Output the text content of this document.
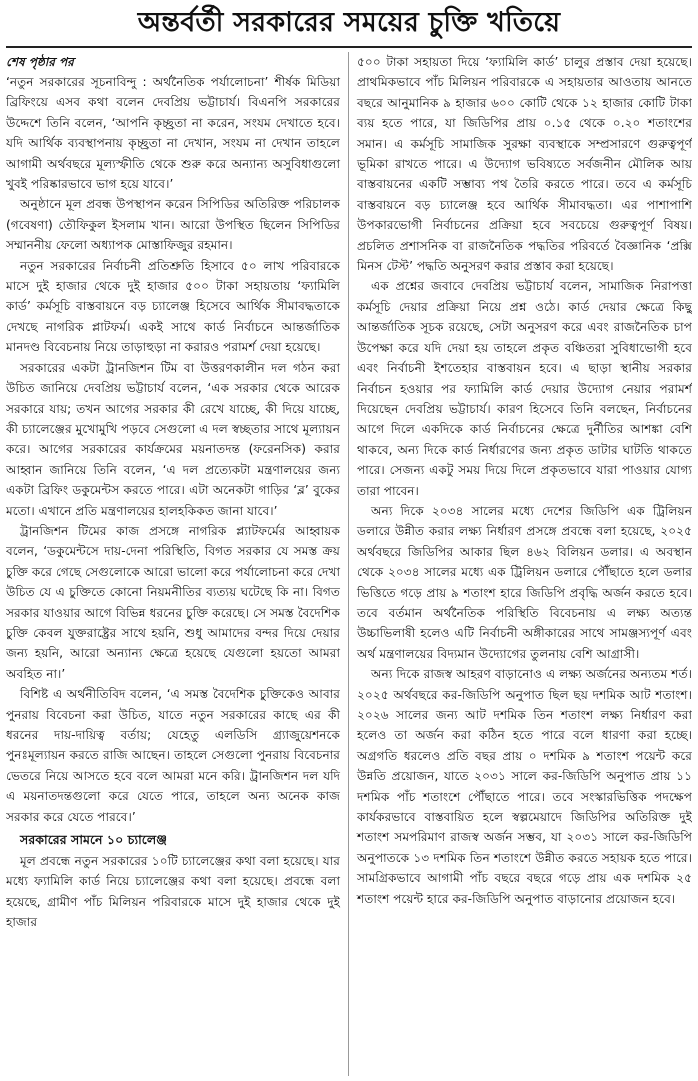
অন্তর্বর্তী সরকারের সময়ের চুক্তি খতিয়ে
শেষ পৃষ্ঠার পর

‘নতুন সরকারের সূচনাবিন্দু : অর্থনৈতিক পর্যালোচনা’ শীর্ষক মিডিয়া ব্রিফিংয়ে এসব কথা বলেন দেবপ্রিয় ভট্টাচার্য। বিএনপি সরকারের উদ্দেশে তিনি বলেন, ‘আপনি কৃচ্ছ্রতা না করেন, সংযম দেখাতে হবে। যদি আর্থিক ব্যবস্থাপনায় কৃচ্ছ্রতা না দেখান, সংযম না দেখান তাহলে আগামী অর্থবছরে মূল্যস্ফীতি থেকে শুরু করে অন্যান্য অসুবিধাগুলো খুবই পরিষ্কারভাবে ভাগ হয়ে যাবে।’

অনুষ্ঠানে মূল প্রবন্ধ উপস্থাপন করেন সিপিডির অতিরিক্ত পরিচালক (গবেষণা) তৌফিকুল ইসলাম খান। আরো উপস্থিত ছিলেন সিপিডির সম্মাননীয় ফেলো অধ্যাপক মোস্তাফিজুর রহমান।

নতুন সরকারের নির্বাচনী প্রতিশ্রুতি হিসাবে ৫০ লাখ পরিবারকে মাসে দুই হাজার থেকে দুই হাজার ৫০০ টাকা সহায়তায় ‘ফ্যামিলি কার্ড’ কর্মসূচি বাস্তবায়নে বড় চ্যালেঞ্জ হিসেবে আর্থিক সীমাবদ্ধতাকে দেখছে নাগরিক প্লাটফর্ম। একই সাথে কার্ড নির্বাচনে আন্তর্জাতিক মানদণ্ড বিবেচনায় নিয়ে তাড়াহুড়া না করারও পরামর্শ দেয়া হয়েছে।

সরকারের একটা ট্রানজিশন টিম বা উত্তরণকালীন দল গঠন করা উচিত জানিয়ে দেবপ্রিয় ভট্টাচার্য বলেন, ‘এক সরকার থেকে আরেক সরকারে যায়; তখন আগের সরকার কী রেখে যাচ্ছে, কী দিয়ে যাচ্ছে, কী চ্যালেঞ্জের মুখোমুখি পড়বে সেগুলো এ দল স্বচ্ছতার সাথে মূল্যায়ন করে। আগের সরকারের কার্যক্রমের ময়নাতদন্ত (ফরেনসিক) করার আহ্বান জানিয়ে তিনি বলেন, ‘এ দল প্রত্যেকটা মন্ত্রণালয়ের জন্য একটা ব্রিফিং ডকুমেন্টস করতে পারে। এটা অনেকটা গাড়ির ‘ব্ল’ বুকের মতো। এখানে প্রতি মন্ত্রণালয়ের হালহকিকত জানা যাবে।’

ট্রানজিশন টিমের কাজ প্রসঙ্গে নাগরিক প্ল্যাটফর্মের আহ্বায়ক বলেন, ‘ডকুমেন্টসে দায়-দেনা পরিস্থিতি, বিগত সরকার যে সমস্ত ক্রয় চুক্তি করে গেছে সেগুলোকে আরো ভালো করে পর্যালোচনা করে দেখা উচিত যে এ চুক্তিতে কোনো নিয়মনীতির ব্যত্যয় ঘটেছে কি না। বিগত সরকার যাওয়ার আগে বিভিন্ন ধরনের চুক্তি করেছে। সে সমস্ত বৈদেশিক চুক্তি কেবল যুক্তরাষ্ট্রের সাথে হয়নি, শুধু আমাদের বন্দর দিয়ে দেয়ার জন্য হয়নি, আরো অন্যান্য ক্ষেত্রে হয়েছে যেগুলো হয়তো আমরা অবহিত না।’

বিশিষ্ট এ অর্থনীতিবিদ বলেন, ‘এ সমস্ত বৈদেশিক চুক্তিকেও আবার পুনরায় বিবেচনা করা উচিত, যাতে নতুন সরকারের কাছে এর কী ধরনের দায়-দায়িত্ব বর্তায়; যেহেতু এলডিসি গ্র্যাজুয়েশনকে পুনঃমূল্যায়ন করতে রাজি আছেন। তাহলে সেগুলো পুনরায় বিবেচনার ভেতরে নিয়ে আসতে হবে বলে আমরা মনে করি। ট্রানজিশন দল যদি এ ময়নাতদন্তগুলো করে যেতে পারে, তাহলে অন্য অনেক কাজ সরকার করে যেতে পারবে।’

সরকারের সামনে ১০ চ্যালেঞ্জ

মূল প্রবন্ধে নতুন সরকারের ১০টি চ্যালেঞ্জের কথা বলা হয়েছে। যার মধ্যে ফ্যামিলি কার্ড নিয়ে চ্যালেঞ্জের কথা বলা হয়েছে। প্রবন্ধে বলা হয়েছে, গ্রামীণ পাঁচ মিলিয়ন পরিবারকে মাসে দুই হাজার থেকে দুই হাজার

৫০০ টাকা সহায়তা দিয়ে ‘ফ্যামিলি কার্ড’ চালুর প্রস্তাব দেয়া হয়েছে। প্রাথমিকভাবে পাঁচ মিলিয়ন পরিবারকে এ সহায়তার আওতায় আনতে বছরে আনুমানিক ৯ হাজার ৬০০ কোটি থেকে ১২ হাজার কোটি টাকা ব্যয় হতে পারে, যা জিডিপির প্রায় ০.১৫ থেকে ০.২০ শতাংশের সমান। এ কর্মসূচি সামাজিক সুরক্ষা ব্যবস্থাকে সম্প্রসারণে গুরুত্বপূর্ণ ভূমিকা রাখতে পারে। এ উদ্যোগ ভবিষ্যতে সর্বজনীন মৌলিক আয় বাস্তবায়নের একটি সম্ভাব্য পথ তৈরি করতে পারে। তবে এ কর্মসূচি বাস্তবায়নে বড় চ্যালেঞ্জ হবে আর্থিক সীমাবদ্ধতা। এর পাশাপাশি উপকারভোগী নির্বাচনের প্রক্রিয়া হবে সবচেয়ে গুরুত্বপূর্ণ বিষয়। প্রচলিত প্রশাসনিক বা রাজনৈতিক পদ্ধতির পরিবর্তে বৈজ্ঞানিক ‘প্রক্সি মিনস টেস্ট’ পদ্ধতি অনুসরণ করার প্রস্তাব করা হয়েছে।

এক প্রশ্নের জবাবে দেবপ্রিয় ভট্টাচার্য বলেন, সামাজিক নিরাপত্তা কর্মসূচি দেয়ার প্রক্রিয়া নিয়ে প্রশ্ন ওঠে। কার্ড দেয়ার ক্ষেত্রে কিছু আন্তর্জাতিক সূচক রয়েছে, সেটা অনুসরণ করে এবং রাজনৈতিক চাপ উপেক্ষা করে যদি দেয়া হয় তাহলে প্রকৃত বঞ্চিতরা সুবিধাভোগী হবে এবং নির্বাচনী ইশতেহার বাস্তবায়ন হবে। এ ছাড়া স্থানীয় সরকার নির্বাচন হওয়ার পর ফ্যামিলি কার্ড দেয়ার উদ্যোগ নেয়ার পরামর্শ দিয়েছেন দেবপ্রিয় ভট্টাচার্য। কারণ হিসেবে তিনি বলছেন, নির্বাচনের আগে দিলে একদিকে কার্ড নির্বাচনের ক্ষেত্রে দুর্নীতির আশঙ্কা বেশি থাকবে, অন্য দিকে কার্ড নির্ধারণের জন্য প্রকৃত ডাটার ঘাটতি থাকতে পারে। সেজন্য একটু সময় দিয়ে দিলে প্রকৃতভাবে যারা পাওয়ার যোগ্য তারা পাবেন।

অন্য দিকে ২০৩৪ সালের মধ্যে দেশের জিডিপি এক ট্রিলিয়ন ডলারে উন্নীত করার লক্ষ্য নির্ধারণ প্রসঙ্গে প্রবন্ধে বলা হয়েছে, ২০২৫ অর্থবছরে জিডিপির আকার ছিল ৪৬২ বিলিয়ন ডলার। এ অবস্থান থেকে ২০৩৪ সালের মধ্যে এক ট্রিলিয়ন ডলারে পৌঁছাতে হলে ডলার ভিত্তিতে গড়ে প্রায় ৯ শতাংশ হারে জিডিপি প্রবৃদ্ধি অর্জন করতে হবে। তবে বর্তমান অর্থনৈতিক পরিস্থিতি বিবেচনায় এ লক্ষ্য অত্যন্ত উচ্চাভিলাষী হলেও এটি নির্বাচনী অঙ্গীকারের সাথে সামঞ্জস্যপূর্ণ এবং অর্থ মন্ত্রণালয়ের বিদ্যমান উদ্যোগের তুলনায় বেশি আগ্রাসী।

অন্য দিকে রাজস্ব আহরণ বাড়ানোও এ লক্ষ্য অর্জনের অন্যতম শর্ত। ২০২৫ অর্থবছরে কর-জিডিপি অনুপাত ছিল ছয় দশমিক আট শতাংশ। ২০২৬ সালের জন্য আট দশমিক তিন শতাংশ লক্ষ্য নির্ধারণ করা হলেও তা অর্জন করা কঠিন হতে পারে বলে ধারণা করা হচ্ছে। অগ্রগতি ধরলেও প্রতি বছর প্রায় ০ দশমিক ৯ শতাংশ পয়েন্ট করে উন্নতি প্রয়োজন, যাতে ২০৩১ সালে কর-জিডিপি অনুপাত প্রায় ১১ দশমিক পাঁচ শতাংশে পৌঁছাতে পারে। তবে সংস্কারভিত্তিক পদক্ষেপ কার্যকরভাবে বাস্তবায়িত হলে স্বল্পমেয়াদে জিডিপির অতিরিক্ত দুই শতাংশ সমপরিমাণ রাজস্ব অর্জন সম্ভব, যা ২০৩১ সালে কর-জিডিপি অনুপাতকে ১৩ দশমিক তিন শতাংশে উন্নীত করতে সহায়ক হতে পারে। সামগ্রিকভাবে আগামী পাঁচ বছরে বছরে গড়ে প্রায় এক দশমিক ২৫ শতাংশ পয়েন্ট হারে কর-জিডিপি অনুপাত বাড়ানোর প্রয়োজন হবে।
